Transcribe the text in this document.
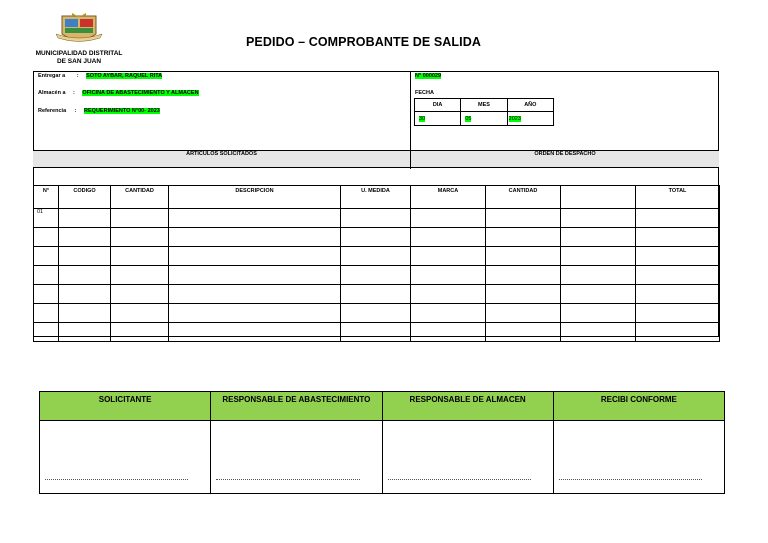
MUNICIPALIDAD DISTRITAL
DE SAN JUAN
PEDIDO – COMPROBANTE DE SALIDA
Entregar a : SOTO AYBAR, RAQUEL RITA
Almacén a : OFICINA DE ABASTECIMIENTO Y ALMACEN
Referencia : REQUERIMIENTO N°00- 2023
N° 000029
FECHA
DIA	MES	AÑO
30	05	2023
ARTICULOS SOLICITADOS	ORDEN DE DESPACHO
N°	CODIGO	CANTIDAD	DESCRIPCION	U. MEDIDA	MARCA	CANTIDAD		TOTAL
01								

SOLICITANTE	RESPONSABLE DE ABASTECIMIENTO	RESPONSABLE DE ALMACEN	RECIBI CONFORME
